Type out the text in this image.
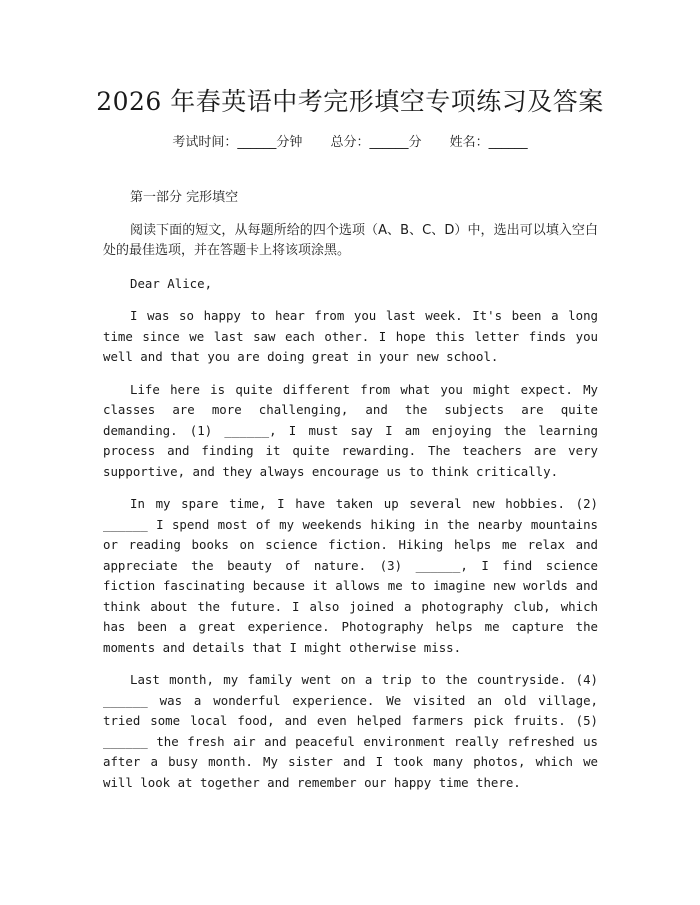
2026 年春英语中考完形填空专项练习及答案
考试时间：______分钟 总分：______分 姓名：______

第一部分 完形填空

阅读下面的短文，从每题所给的四个选项（A、B、C、D）中，选出可以填入空白处的最佳选项，并在答题卡上将该项涂黑。

Dear Alice,

I was so happy to hear from you last week. It's been a long time since we last saw each other. I hope this letter finds you well and that you are doing great in your new school.

Life here is quite different from what you might expect. My classes are more challenging, and the subjects are quite demanding. (1) ______, I must say I am enjoying the learning process and finding it quite rewarding. The teachers are very supportive, and they always encourage us to think critically.

In my spare time, I have taken up several new hobbies. (2) ______ I spend most of my weekends hiking in the nearby mountains or reading books on science fiction. Hiking helps me relax and appreciate the beauty of nature. (3) ______, I find science fiction fascinating because it allows me to imagine new worlds and think about the future. I also joined a photography club, which has been a great experience. Photography helps me capture the moments and details that I might otherwise miss.

Last month, my family went on a trip to the countryside. (4) ______ was a wonderful experience. We visited an old village, tried some local food, and even helped farmers pick fruits. (5) ______ the fresh air and peaceful environment really refreshed us after a busy month. My sister and I took many photos, which we will look at together and remember our happy time there.
